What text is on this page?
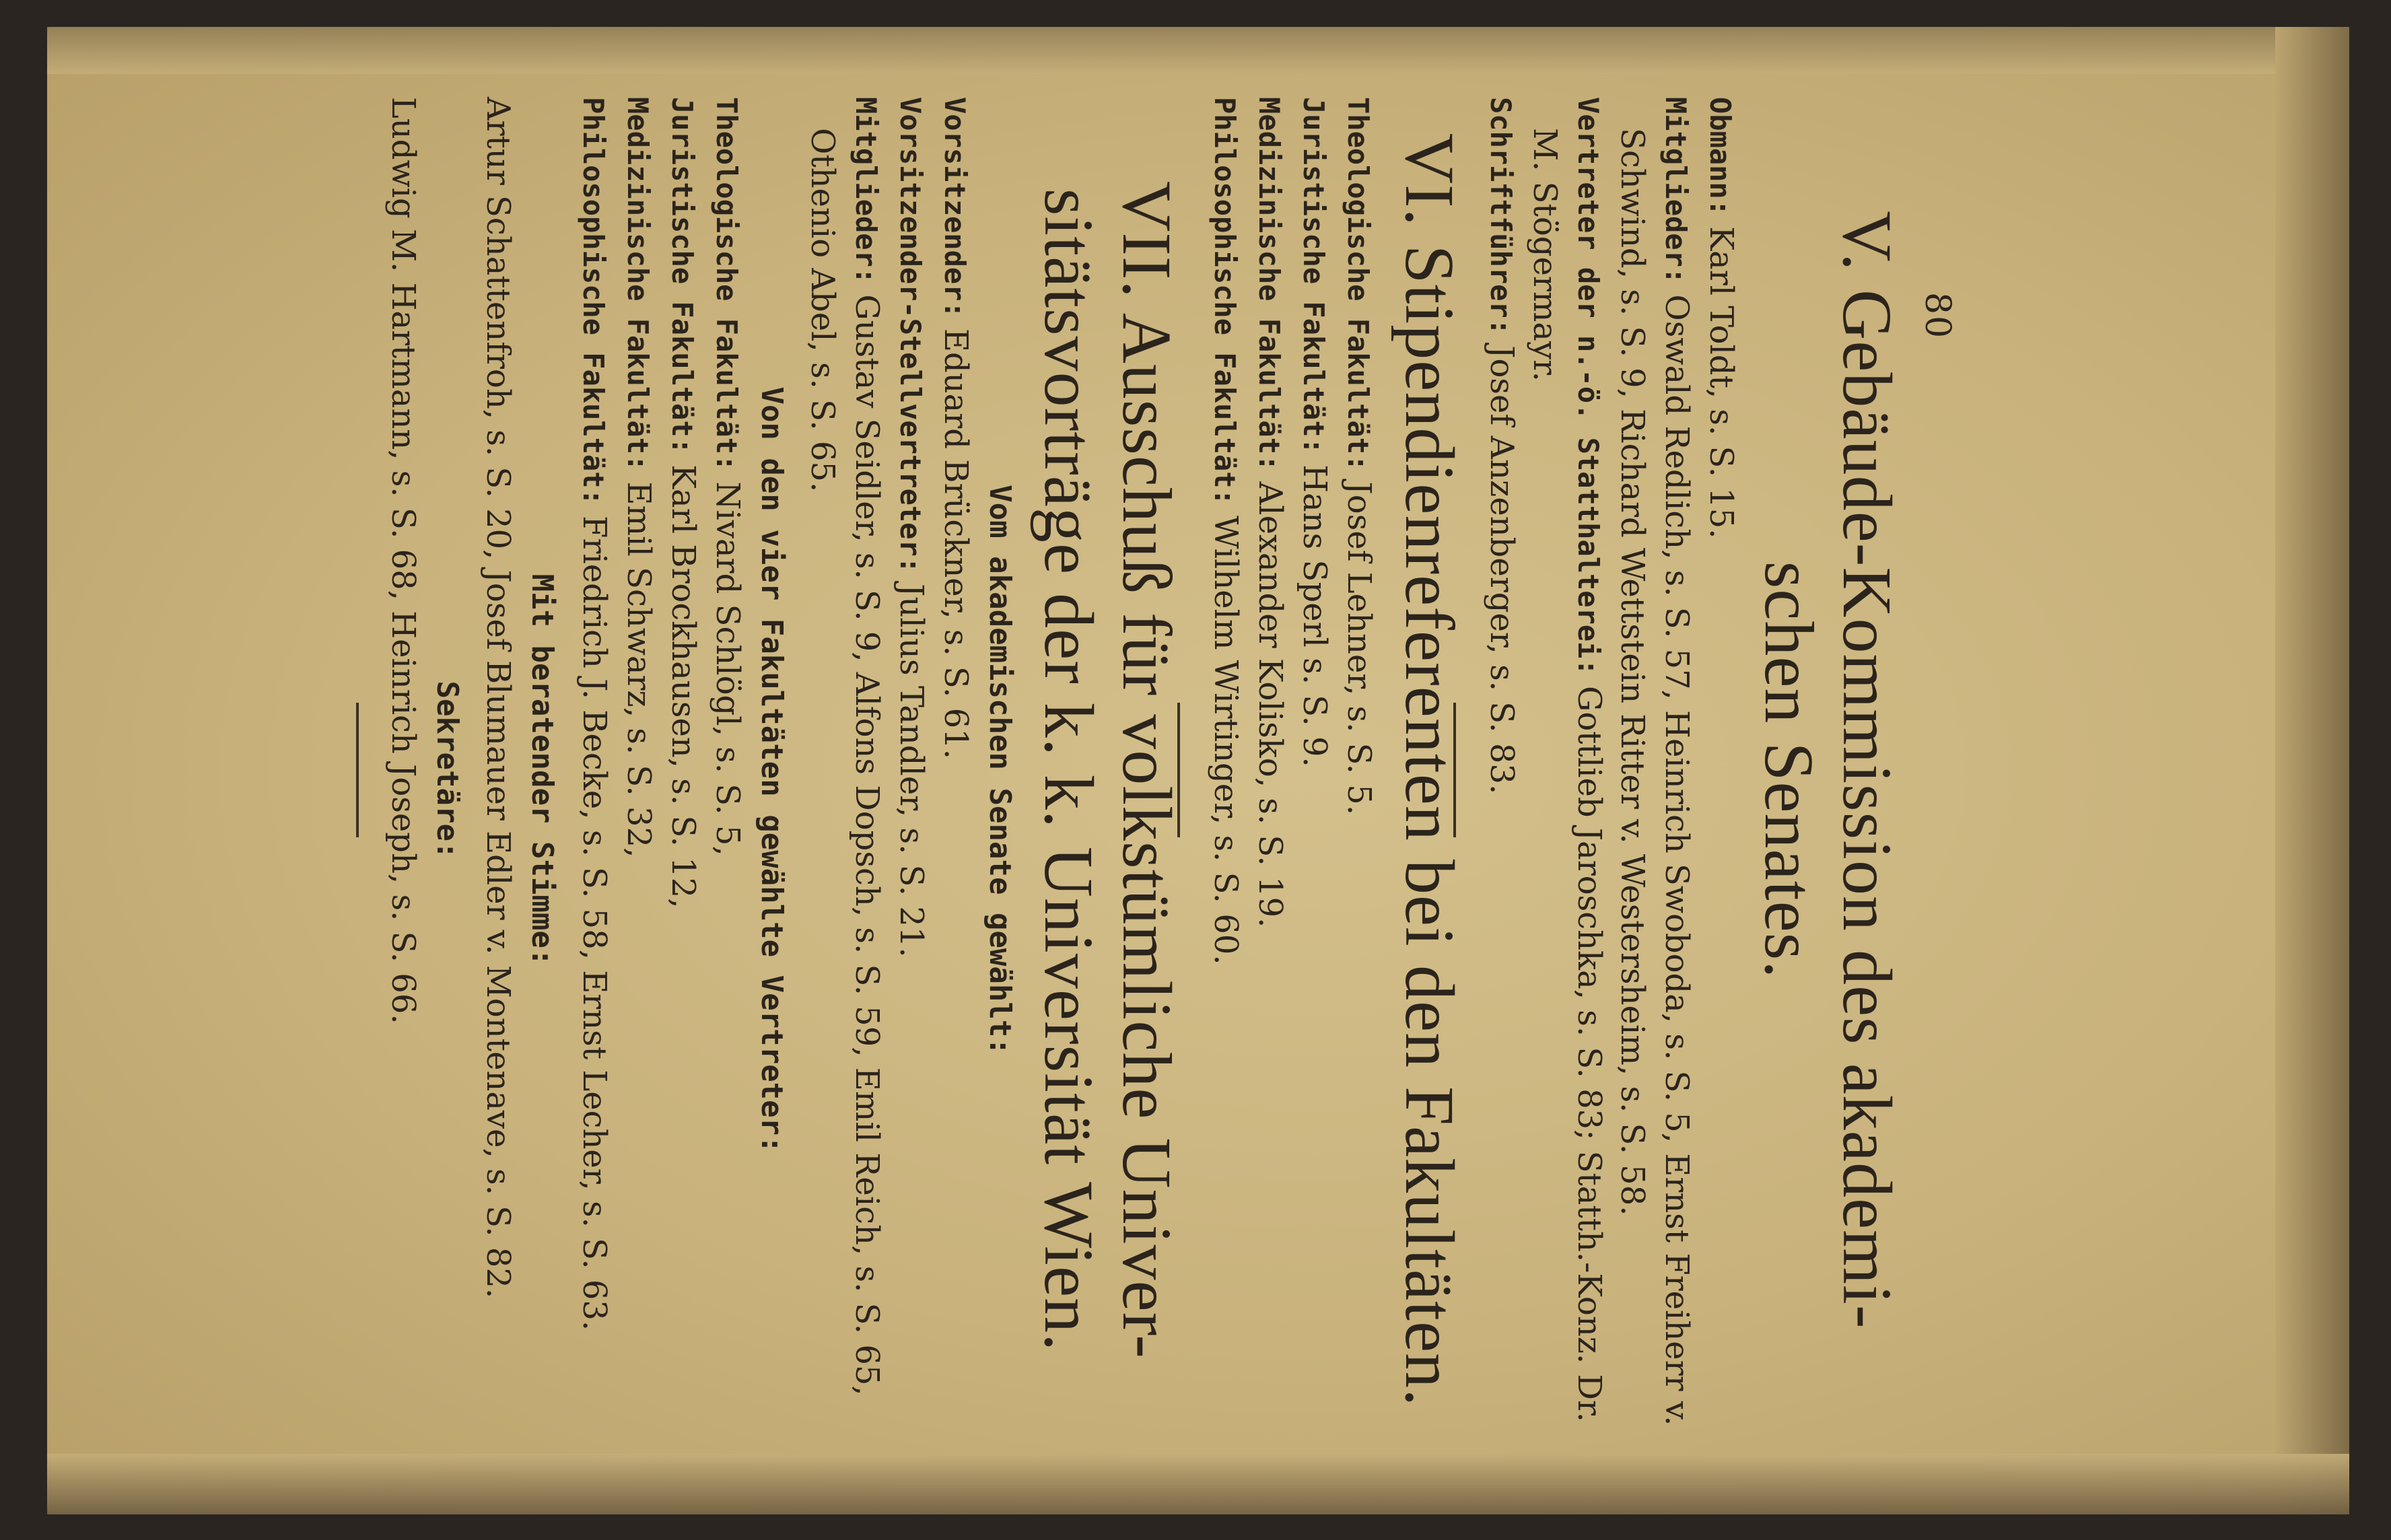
80
V. Gebäude-Kommission des akademi-
schen Senates.

Obmann: Karl Toldt, s. S. 15.

Mitglieder: Oswald Redlich, s. S. 57, Heinrich Swoboda, s. S. 5, Ernst Freiherr v. Schwind, s. S. 9, Richard Wettstein Ritter v. Westersheim, s. S. 58.

Vertreter der n.-ö. Statthalterei: Gottlieb Jaroschka, s. S. 83; Statth.-Konz. Dr. M. Stögermayr.

Schriftführer: Josef Anzenberger, s. S. 83.

VI. Stipendienreferenten bei den Fakultäten.

Theologische Fakultät: Josef Lehner, s. S. 5.

Juristische Fakultät: Hans Sperl s. S. 9.

Medizinische Fakultät: Alexander Kolisko, s. S. 19.

Philosophische Fakultät: Wilhelm Wirtinger, s. S. 60.

VII. Ausschuß für volkstümliche Univer-
sitätsvorträge der k. k. Universität Wien.
Vom akademischen Senate gewählt:

Vorsitzender: Eduard Brückner, s. S. 61.

Vorsitzender-Stellvertreter: Julius Tandler, s. S. 21.

Mitglieder: Gustav Seidler, s. S. 9, Alfons Dopsch, s. S. 59, Emil Reich, s. S. 65, Othenio Abel, s. S. 65.

Von den vier Fakultäten gewählte Vertreter:

Theologische Fakultät: Nivard Schlögl, s. S. 5,

Juristische Fakultät: Karl Brockhausen, s. S. 12,

Medizinische Fakultät: Emil Schwarz, s. S. 32,

Philosophische Fakultät: Friedrich J. Becke, s. S. 58, Ernst Lecher, s. S. 63.

Mit beratender Stimme:

Artur Schattenfroh, s. S. 20, Josef Blumauer Edler v. Montenave, s. S. 82.

Sekretäre:

Ludwig M. Hartmann, s. S. 68, Heinrich Joseph, s. S. 66.
